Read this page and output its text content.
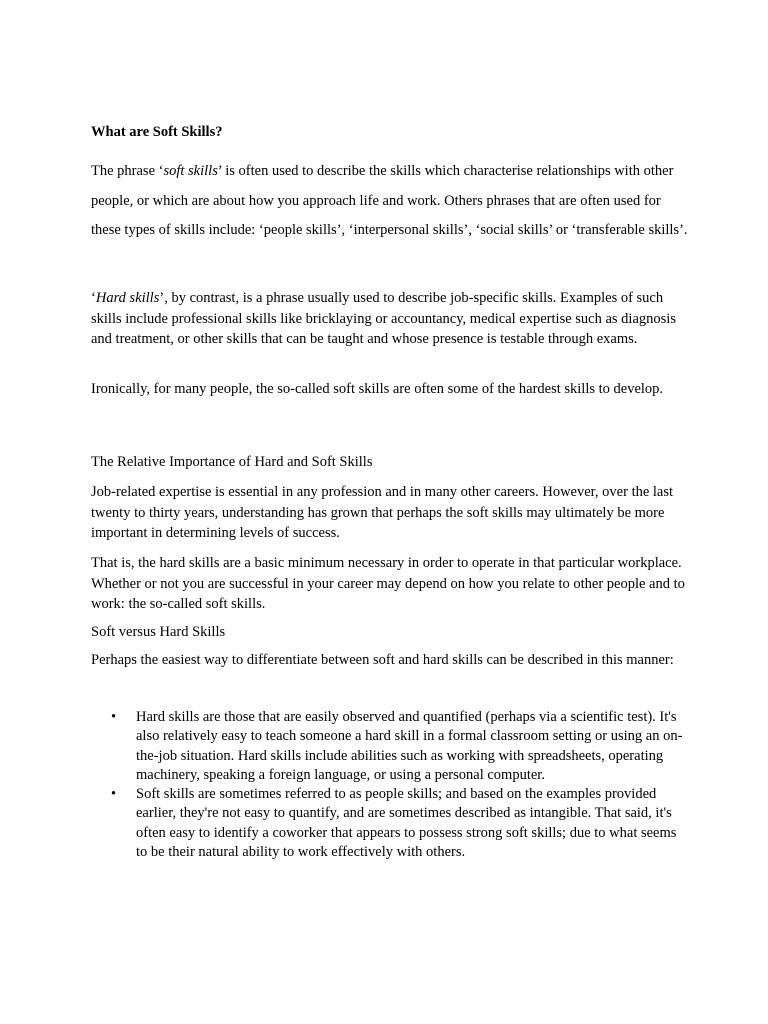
What are Soft Skills?

The phrase ‘soft skills’ is often used to describe the skills which characterise relationships with other people, or which are about how you approach life and work. Others phrases that are often used for these types of skills include: ‘people skills’, ‘interpersonal skills’, ‘social skills’ or ‘transferable skills’.

‘Hard skills’, by contrast, is a phrase usually used to describe job-specific skills. Examples of such skills include professional skills like bricklaying or accountancy, medical expertise such as diagnosis and treatment, or other skills that can be taught and whose presence is testable through exams.

Ironically, for many people, the so-called soft skills are often some of the hardest skills to develop.

The Relative Importance of Hard and Soft Skills

Job-related expertise is essential in any profession and in many other careers. However, over the last twenty to thirty years, understanding has grown that perhaps the soft skills may ultimately be more important in determining levels of success.

That is, the hard skills are a basic minimum necessary in order to operate in that particular workplace. Whether or not you are successful in your career may depend on how you relate to other people and to work: the so-called soft skills.

Soft versus Hard Skills

Perhaps the easiest way to differentiate between soft and hard skills can be described in this manner:

• Hard skills are those that are easily observed and quantified (perhaps via a scientific test). It's also relatively easy to teach someone a hard skill in a formal classroom setting or using an on-the-job situation. Hard skills include abilities such as working with spreadsheets, operating machinery, speaking a foreign language, or using a personal computer.
• Soft skills are sometimes referred to as people skills; and based on the examples provided earlier, they're not easy to quantify, and are sometimes described as intangible. That said, it's often easy to identify a coworker that appears to possess strong soft skills; due to what seems to be their natural ability to work effectively with others.
